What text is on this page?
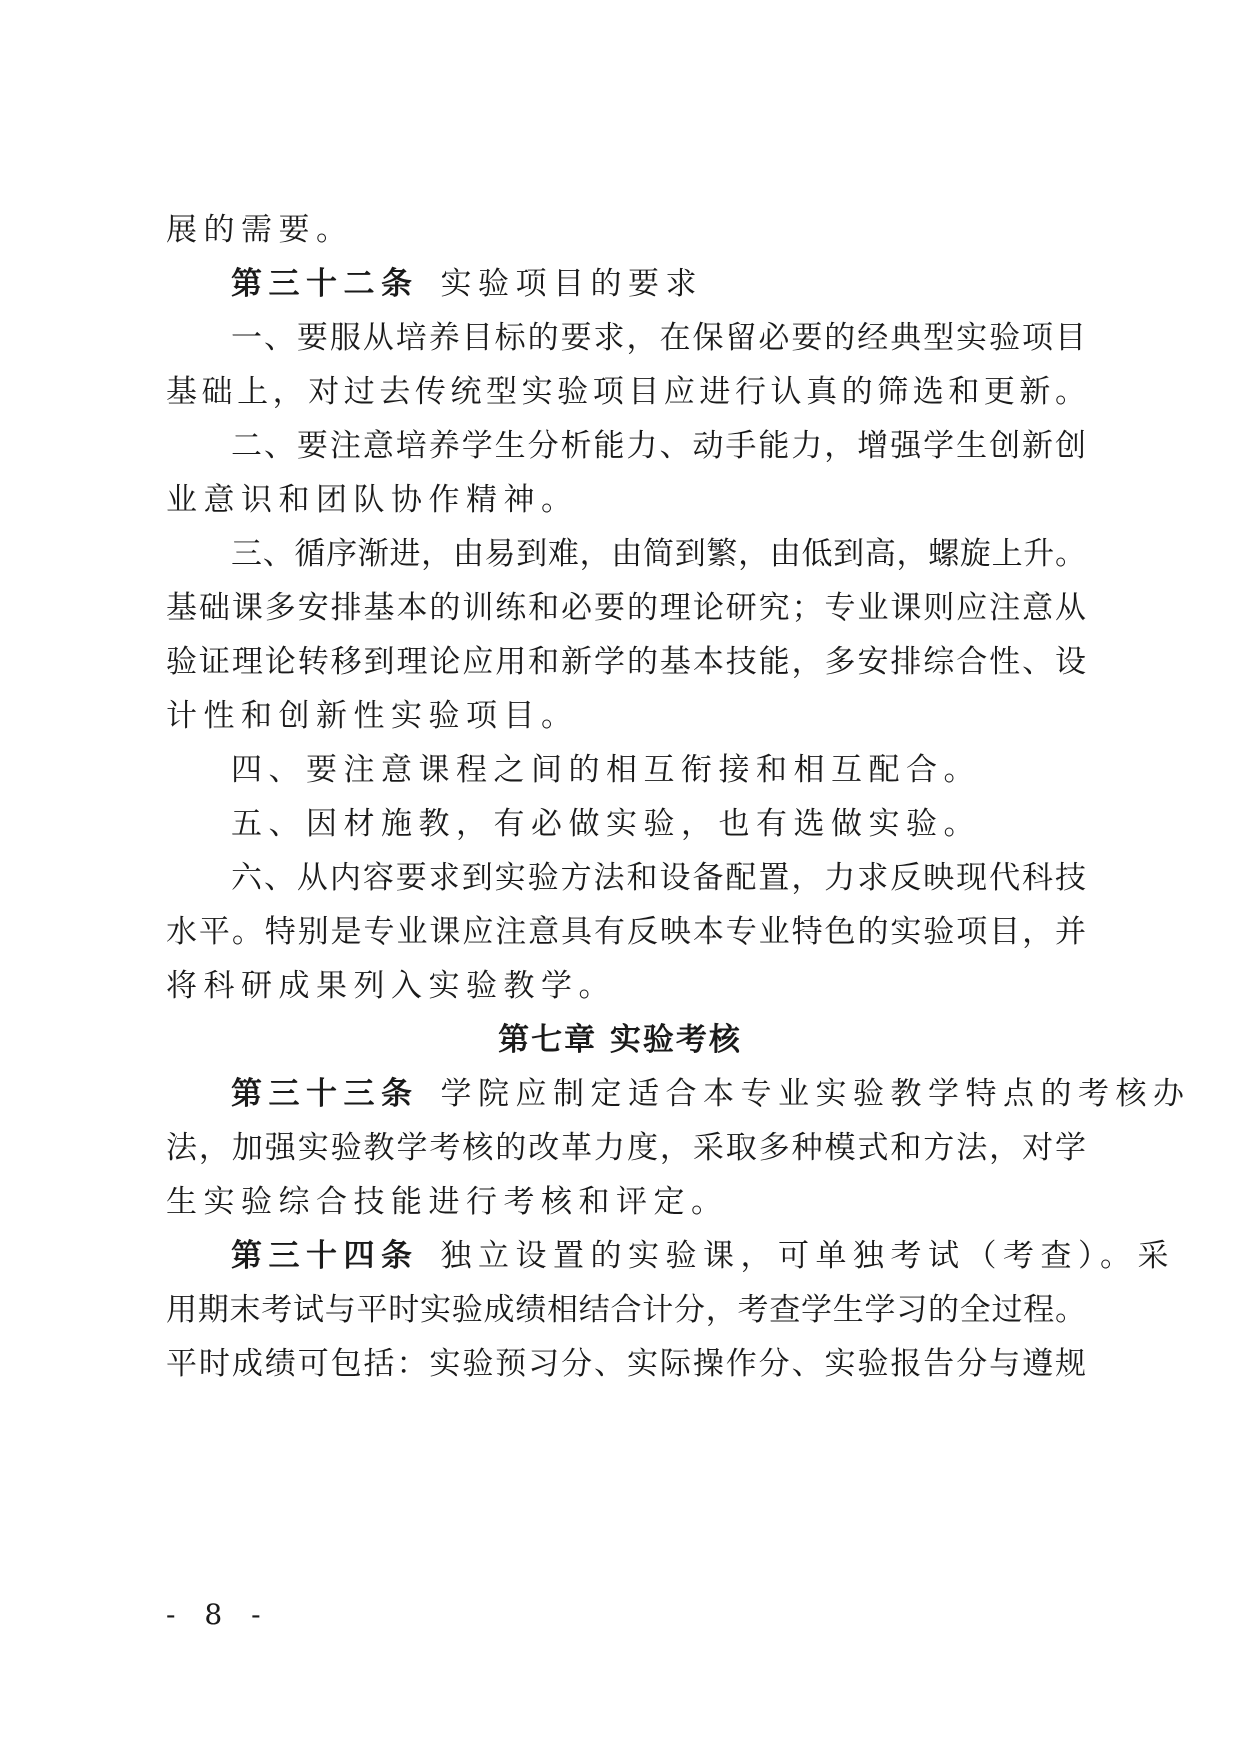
展的需要。
第三十二条 实验项目的要求
一、要服从培养目标的要求，在保留必要的经典型实验项目
基础上，对过去传统型实验项目应进行认真的筛选和更新。
二、要注意培养学生分析能力、动手能力，增强学生创新创
业意识和团队协作精神。
三、循序渐进，由易到难，由简到繁，由低到高，螺旋上升。
基础课多安排基本的训练和必要的理论研究；专业课则应注意从
验证理论转移到理论应用和新学的基本技能，多安排综合性、设
计性和创新性实验项目。
四、要注意课程之间的相互衔接和相互配合。
五、因材施教，有必做实验，也有选做实验。
六、从内容要求到实验方法和设备配置，力求反映现代科技
水平。特别是专业课应注意具有反映本专业特色的实验项目，并
将科研成果列入实验教学。
第七章 实验考核
第三十三条 学院应制定适合本专业实验教学特点的考核办
法，加强实验教学考核的改革力度，采取多种模式和方法，对学
生实验综合技能进行考核和评定。
第三十四条 独立设置的实验课，可单独考试（考查）。采
用期末考试与平时实验成绩相结合计分，考查学生学习的全过程。
平时成绩可包括：实验预习分、实际操作分、实验报告分与遵规
- 8 -
